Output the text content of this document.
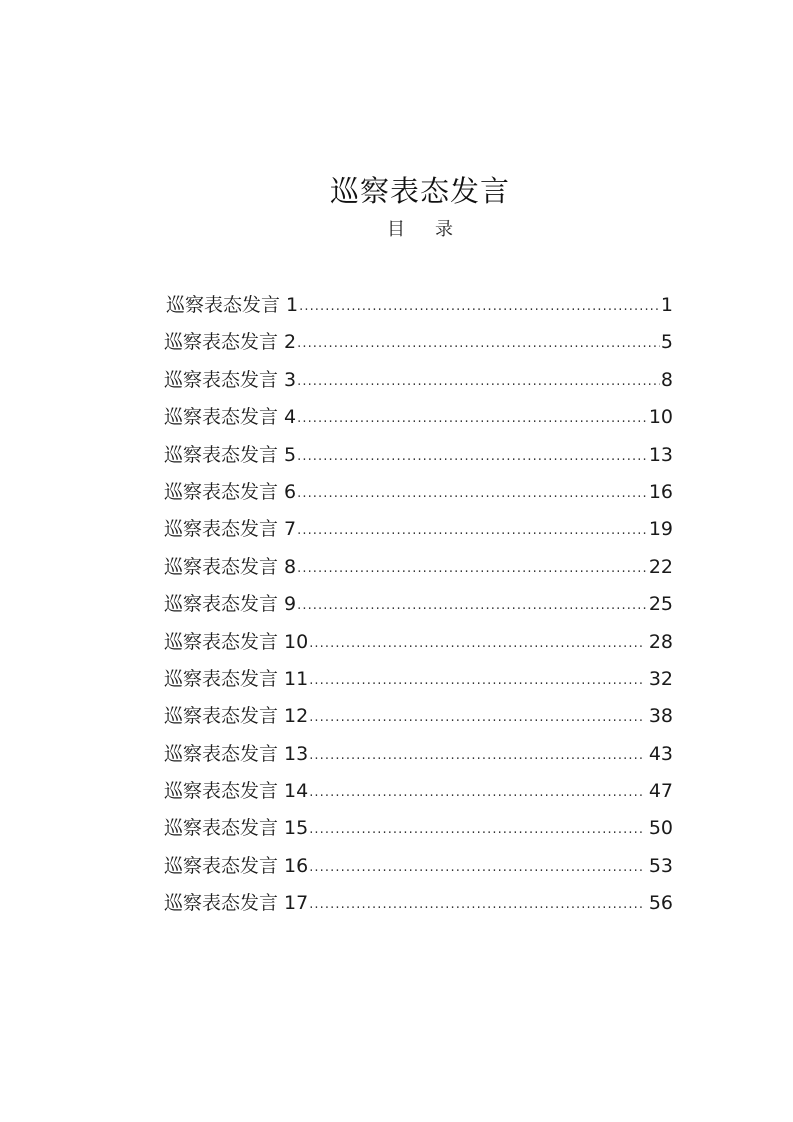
巡察表态发言
目 录
巡察表态发言 1 .....	1
巡察表态发言 2 .....	5
巡察表态发言 3 .....	8
巡察表态发言 4 .....	10
巡察表态发言 5 .....	13
巡察表态发言 6 .....	16
巡察表态发言 7 .....	19
巡察表态发言 8 .....	22
巡察表态发言 9 .....	25
巡察表态发言 10 .....	28
巡察表态发言 11 .....	32
巡察表态发言 12 .....	38
巡察表态发言 13 .....	43
巡察表态发言 14 .....	47
巡察表态发言 15 .....	50
巡察表态发言 16 .....	53
巡察表态发言 17 .....	56
